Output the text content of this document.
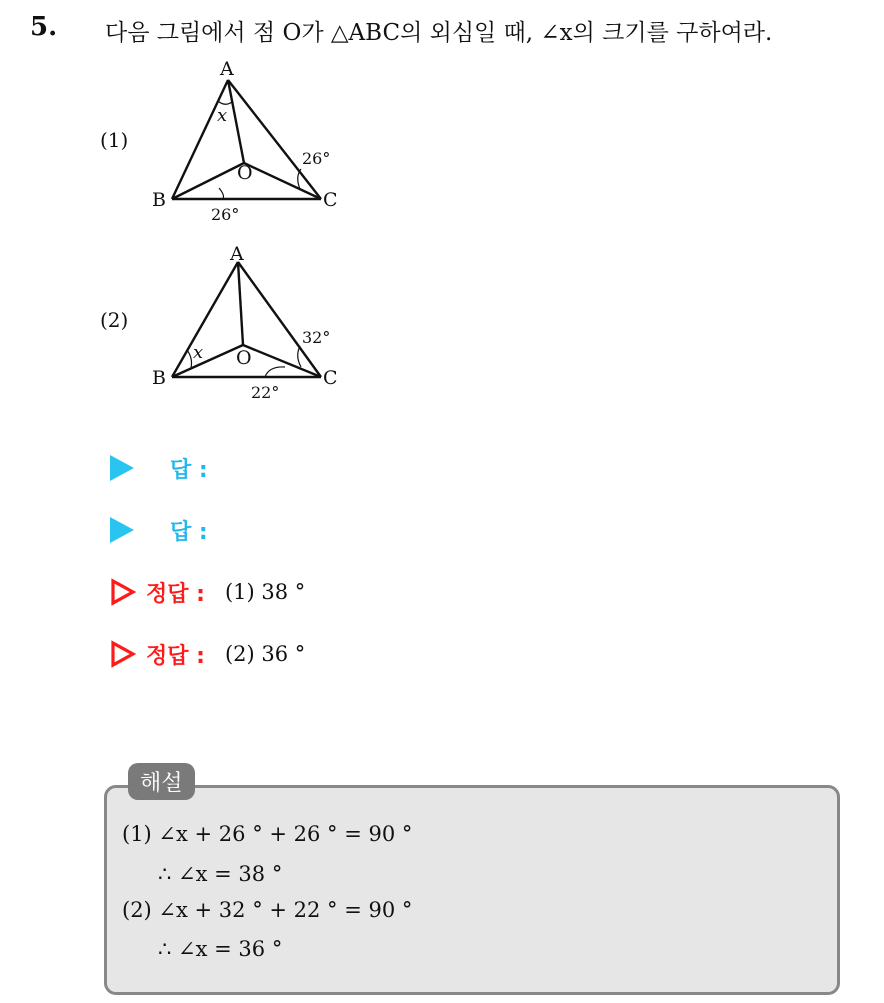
5. 다음 그림에서 점 O가 △ABC의 외심일 때, ∠x의 크기를 구하여라.
(1)
A
B	C
O
x
26°
26°
(2)
A
B	C
O
x
32°
22°
답 :
답 :
정답 : (1) 38 °
정답 : (2) 36 °
해설
(1) ∠x + 26 ° + 26 ° = 90 °
∴ ∠x = 38 °
(2) ∠x + 32 ° + 22 ° = 90 °
∴ ∠x = 36 °
